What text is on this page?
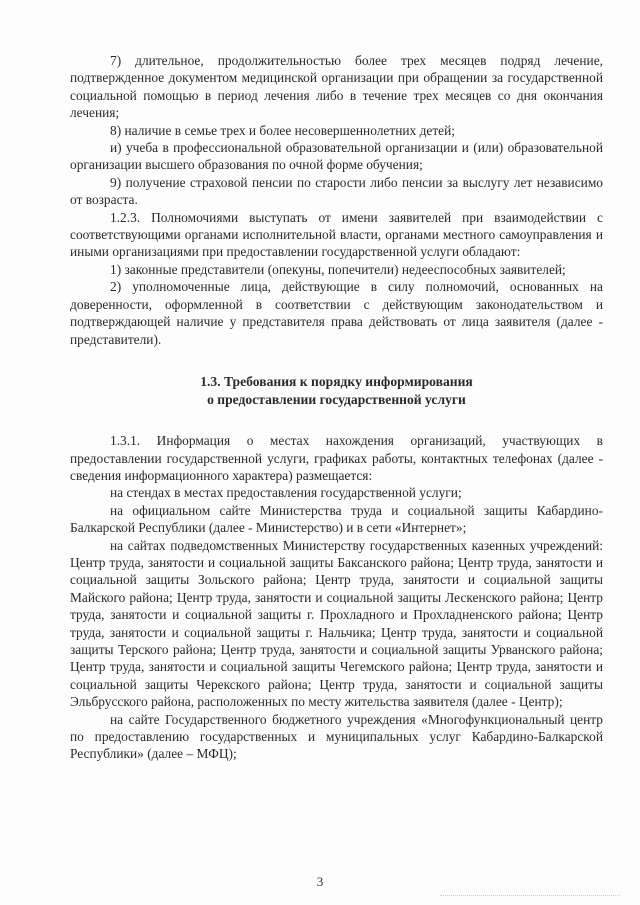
7) длительное, продолжительностью более трех месяцев подряд лечение, подтвержденное документом медицинской организации при обращении за государственной социальной помощью в период лечения либо в течение трех месяцев со дня окончания лечения;

8) наличие в семье трех и более несовершеннолетних детей;

и) учеба в профессиональной образовательной организации и (или) образовательной организации высшего образования по очной форме обучения;

9) получение страховой пенсии по старости либо пенсии за выслугу лет независимо от возраста.

1.2.3. Полномочиями выступать от имени заявителей при взаимодействии с соответствующими органами исполнительной власти, органами местного самоуправления и иными организациями при предоставлении государственной услуги обладают:

1) законные представители (опекуны, попечители) недееспособных заявителей;

2) уполномоченные лица, действующие в силу полномочий, основанных на доверенности, оформленной в соответствии с действующим законодательством и подтверждающей наличие у представителя права действовать от лица заявителя (далее - представители).

1.3. Требования к порядку информирования

о предоставлении государственной услуги

1.3.1. Информация о местах нахождения организаций, участвующих в предоставлении государственной услуги, графиках работы, контактных телефонах (далее - сведения информационного характера) размещается:

на стендах в местах предоставления государственной услуги;

на официальном сайте Министерства труда и социальной защиты Кабардино-Балкарской Республики (далее - Министерство) и в сети «Интернет»;

на сайтах подведомственных Министерству государственных казенных учреждений: Центр труда, занятости и социальной защиты Баксанского района; Центр труда, занятости и социальной защиты Зольского района; Центр труда, занятости и социальной защиты Майского района; Центр труда, занятости и социальной защиты Лескенского района; Центр труда, занятости и социальной защиты г. Прохладного и Прохладненского района; Центр труда, занятости и социальной защиты г. Нальчика; Центр труда, занятости и социальной защиты Терского района; Центр труда, занятости и социальной защиты Урванского района; Центр труда, занятости и социальной защиты Чегемского района; Центр труда, занятости и социальной защиты Черекского района; Центр труда, занятости и социальной защиты Эльбрусского района, расположенных по месту жительства заявителя (далее - Центр);

на сайте Государственного бюджетного учреждения «Многофункциональный центр по предоставлению государственных и муниципальных услуг Кабардино-Балкарской Республики» (далее – МФЦ);

3
